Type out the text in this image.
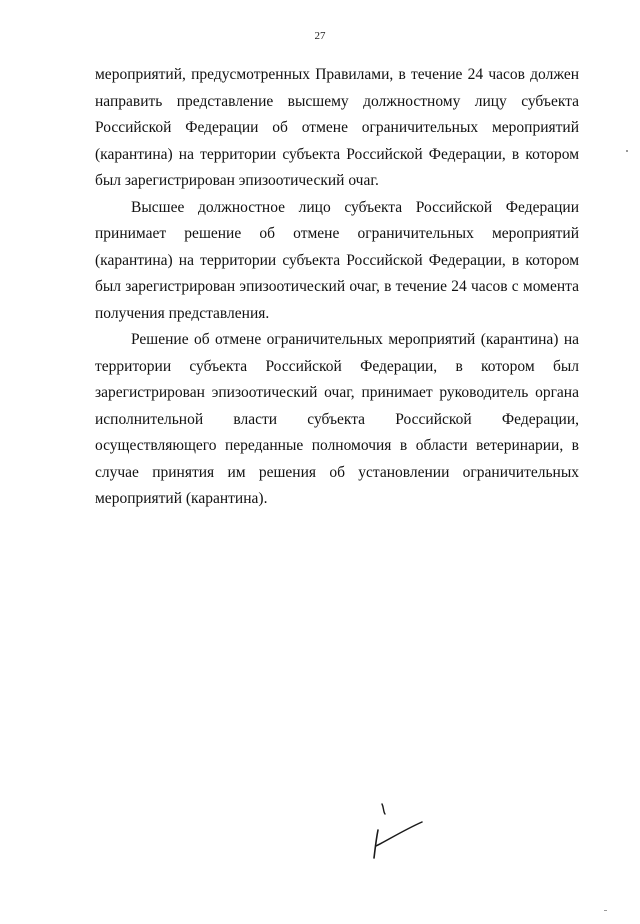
27

мероприятий, предусмотренных Правилами, в течение 24 часов должен направить представление высшему должностному лицу субъекта Российской Федерации об отмене ограничительных мероприятий (карантина) на территории субъекта Российской Федерации, в котором был зарегистрирован эпизоотический очаг.

Высшее должностное лицо субъекта Российской Федерации принимает решение об отмене ограничительных мероприятий (карантина) на территории субъекта Российской Федерации, в котором был зарегистрирован эпизоотический очаг, в течение 24 часов с момента получения представления.

Решение об отмене ограничительных мероприятий (карантина) на территории субъекта Российской Федерации, в котором был зарегистрирован эпизоотический очаг, принимает руководитель органа исполнительной власти субъекта Российской Федерации, осуществляющего переданные полномочия в области ветеринарии, в случае принятия им решения об установлении ограничительных мероприятий (карантина).
